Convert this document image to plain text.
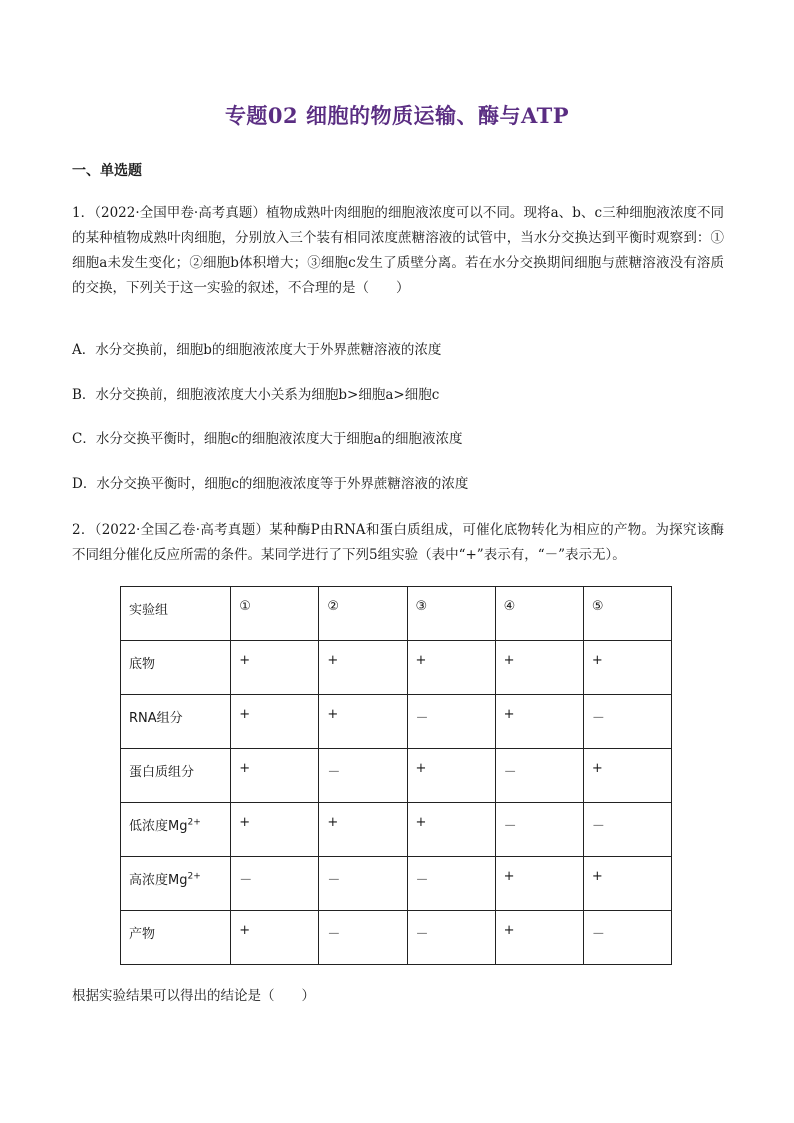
专题02 细胞的物质运输、酶与ATP
一、单选题
1．（2022·全国甲卷·高考真题）植物成熟叶肉细胞的细胞液浓度可以不同。现将a、b、c三种细胞液浓度不同的某种植物成熟叶肉细胞，分别放入三个装有相同浓度蔗糖溶液的试管中，当水分交换达到平衡时观察到：①细胞a未发生变化；②细胞b体积增大；③细胞c发生了质壁分离。若在水分交换期间细胞与蔗糖溶液没有溶质的交换，下列关于这一实验的叙述，不合理的是（　　）
A．水分交换前，细胞b的细胞液浓度大于外界蔗糖溶液的浓度
B．水分交换前，细胞液浓度大小关系为细胞b>细胞a>细胞c
C．水分交换平衡时，细胞c的细胞液浓度大于细胞a的细胞液浓度
D．水分交换平衡时，细胞c的细胞液浓度等于外界蔗糖溶液的浓度
2．（2022·全国乙卷·高考真题）某种酶P由RNA和蛋白质组成，可催化底物转化为相应的产物。为探究该酶不同组分催化反应所需的条件。某同学进行了下列5组实验（表中“+”表示有，“－”表示无）。
实验组	①	②	③	④	⑤
底物	+	+	+	+	+
RNA组分	+	+	－	+	－
蛋白质组分	+	－	+	－	+
低浓度$Mg^{2+}$	+	+	+	－	－
高浓度$Mg^{2+}$	－	－	－	+	+
产物	+	－	－	+	－
根据实验结果可以得出的结论是（　　）
